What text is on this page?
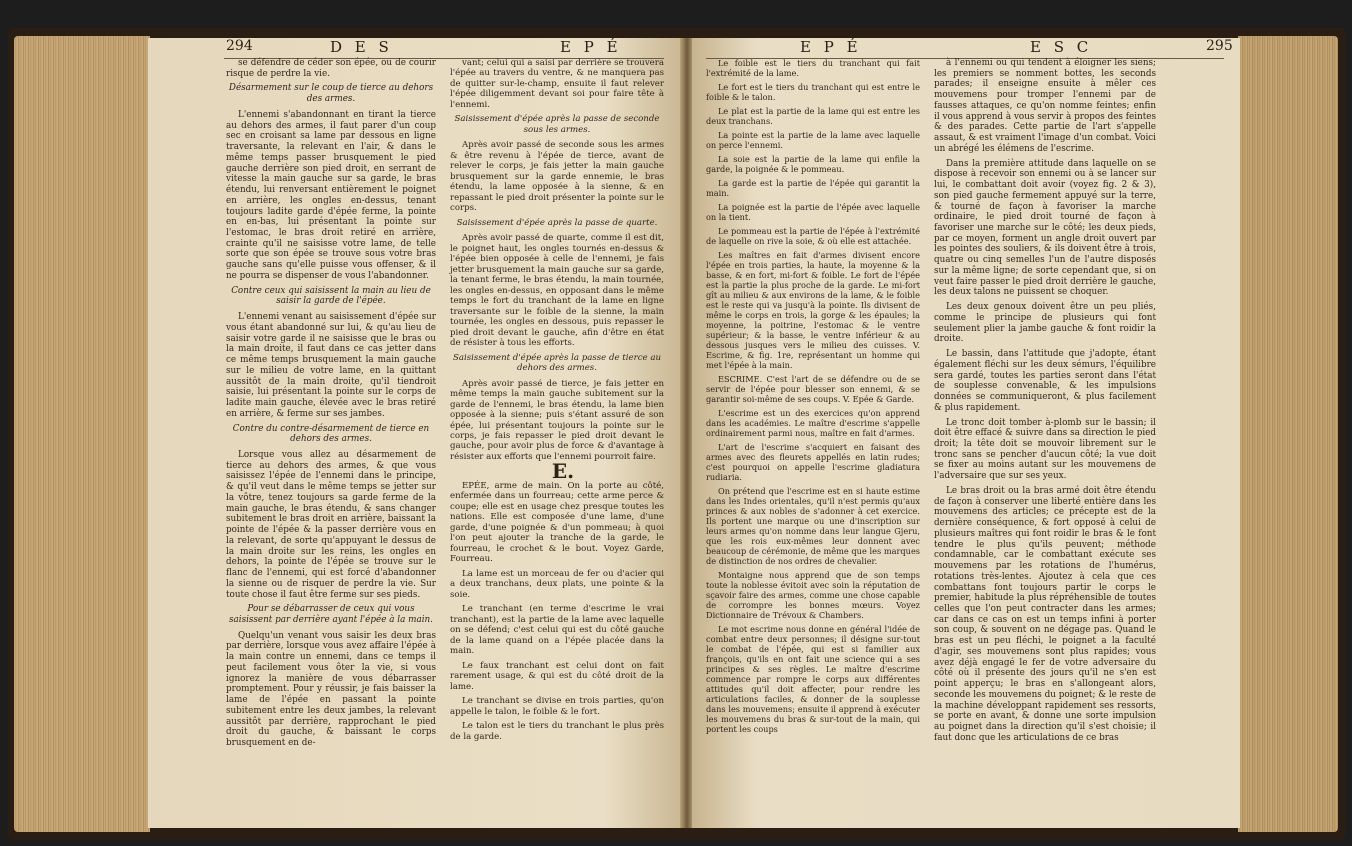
294	D E S	E P É

se défendre de céder son épée, ou de courir risque de perdre la vie.

Désarmement sur le coup de tierce au dehors des armes.

L'ennemi s'abandonnant en tirant la tierce au dehors des armes, il faut parer d'un coup sec en croisant sa lame par dessous en ligne traversante, la relevant en l'air, & dans le même temps passer brusquement le pied gauche derrière son pied droit, en serrant de vitesse la main gauche sur sa garde, le bras étendu, lui renversant entièrement le poignet en arrière, les ongles en-dessus, tenant toujours ladite garde d'épée ferme, la pointe en en-bas, lui présentant la pointe sur l'estomac, le bras droit retiré en arrière, crainte qu'il ne saisisse votre lame, de telle sorte que son épée se trouve sous votre bras gauche sans qu'elle puisse vous offenser, & il ne pourra se dispenser de vous l'abandonner.

Contre ceux qui saisissent la main au lieu de saisir la garde de l'épée.

L'ennemi venant au saisissement d'épée sur vous étant abandonné sur lui, & qu'au lieu de saisir votre garde il ne saisisse que le bras ou la main droite, il faut dans ce cas jetter dans ce même temps brusquement la main gauche sur le milieu de votre lame, en la quittant aussitôt de la main droite, qu'il tiendroit saisie, lui présentant la pointe sur le corps de ladite main gauche, élevée avec le bras retiré en arrière, & ferme sur ses jambes.

Contre du contre-désarmement de tierce en dehors des armes.

Lorsque vous allez au désarmement de tierce au dehors des armes, & que vous saisissez l'épée de l'ennemi dans le principe, & qu'il veut dans le même temps se jetter sur la vôtre, tenez toujours sa garde ferme de la main gauche, le bras étendu, & sans changer subitement le bras droit en arrière, baissant la pointe de l'épée & la passer derrière vous en la relevant, de sorte qu'appuyant le dessus de la main droite sur les reins, les ongles en dehors, la pointe de l'épée se trouve sur le flanc de l'ennemi, qui est forcé d'abandonner la sienne ou de risquer de perdre la vie. Sur toute chose il faut être ferme sur ses pieds.

Pour se débarrasser de ceux qui vous saisissent par derrière ayant l'épée à la main.

Quelqu'un venant vous saisir les deux bras par derrière, lorsque vous avez affaire l'épée à la main contre un ennemi, dans ce temps il peut facilement vous ôter la vie, si vous ignorez la manière de vous débarrasser promptement. Pour y réussir, je fais baisser la lame de l'épée en passant la pointe subitement entre les deux jambes, la relevant aussitôt par derrière, rapprochant le pied droit du gauche, & baissant le corps brusquement en de-

vant; celui qui a saisi par derrière se trouvera l'épée au travers du ventre, & ne manquera pas de quitter sur-le-champ, ensuite il faut relever l'épée diligemment devant soi pour faire tête à l'ennemi.

Saisissement d'épée après la passe de seconde sous les armes.

Après avoir passé de seconde sous les armes & être revenu à l'épée de tierce, avant de relever le corps, je fais jetter la main gauche brusquement sur la garde ennemie, le bras étendu, la lame opposée à la sienne, & en repassant le pied droit présenter la pointe sur le corps.

Saisissement d'épée après la passe de quarte.

Après avoir passé de quarte, comme il est dit, le poignet haut, les ongles tournés en-dessus & l'épée bien opposée à celle de l'ennemi, je fais jetter brusquement la main gauche sur sa garde, la tenant ferme, le bras étendu, la main tournée, les ongles en-dessus, en opposant dans le même temps le fort du tranchant de la lame en ligne traversante sur le foible de la sienne, la main tournée, les ongles en dessous, puis repasser le pied droit devant le gauche, afin d'être en état de résister à tous les efforts.

Saisissement d'épée après la passe de tierce au dehors des armes.

Après avoir passé de tierce, je fais jetter en même temps la main gauche subitement sur la garde de l'ennemi, le bras étendu, la lame bien opposée à la sienne; puis s'étant assuré de son épée, lui présentant toujours la pointe sur le corps, je fais repasser le pied droit devant le gauche, pour avoir plus de force & d'avantage à résister aux efforts que l'ennemi pourroit faire.

E.

EPÉE, arme de main. On la porte au côté, enfermée dans un fourreau; cette arme perce & coupe; elle est en usage chez presque toutes les nations. Elle est composée d'une lame, d'une garde, d'une poignée & d'un pommeau; à quoi l'on peut ajouter la tranche de la garde, le fourreau, le crochet & le bout. Voyez Garde, Fourreau.

La lame est un morceau de fer ou d'acier qui a deux tranchans, deux plats, une pointe & la soie.

Le tranchant (en terme d'escrime le vrai tranchant), est la partie de la lame avec laquelle on se défend; c'est celui qui est du côté gauche de la lame quand on a l'épée placée dans la main.

Le faux tranchant est celui dont on fait rarement usage, & qui est du côté droit de la lame.

Le tranchant se divise en trois parties, qu'on appelle le talon, le foible & le fort.

Le talon est le tiers du tranchant le plus près de la garde.

E P É	E S C	295

Le foible est le tiers du tranchant qui fait l'extrémité de la lame.

Le fort est le tiers du tranchant qui est entre le foible & le talon.

Le plat est la partie de la lame qui est entre les deux tranchans.

La pointe est la partie de la lame avec laquelle on perce l'ennemi.

La soie est la partie de la lame qui enfile la garde, la poignée & le pommeau.

La garde est la partie de l'épée qui garantit la main.

La poignée est la partie de l'épée avec laquelle on la tient.

Le pommeau est la partie de l'épée à l'extrémité de laquelle on rive la soie, & où elle est attachée.

Les maîtres en fait d'armes divisent encore l'épée en trois parties, la haute, la moyenne & la basse, & en fort, mi-fort & foible. Le fort de l'épée est la partie la plus proche de la garde. Le mi-fort gît au milieu & aux environs de la lame, & le foible est le reste qui va jusqu'à la pointe. Ils divisent de même le corps en trois, la gorge & les épaules; la moyenne, la poitrine, l'estomac & le ventre supérieur; & la basse, le ventre inférieur & au dessous jusques vers le milieu des cuisses. V. Escrime, & fig. 1re, représentant un homme qui met l'épée à la main.

ESCRIME. C'est l'art de se défendre ou de se servir de l'épée pour blesser son ennemi, & se garantir soi-même de ses coups. V. Epée & Garde.

L'escrime est un des exercices qu'on apprend dans les académies. Le maître d'escrime s'appelle ordinairement parmi nous, maître en fait d'armes.

L'art de l'escrime s'acquiert en faisant des armes avec des fleurets appellés en latin rudes; c'est pourquoi on appelle l'escrime gladiatura rudiaria.

On prétend que l'escrime est en si haute estime dans les Indes orientales, qu'il n'est permis qu'aux princes & aux nobles de s'adonner à cet exercice. Ils portent une marque ou une d'inscription sur leurs armes qu'on nomme dans leur langue Gjeru, que les rois eux-mêmes leur donnent avec beaucoup de cérémonie, de même que les marques de distinction de nos ordres de chevalier.

Montaigne nous apprend que de son temps toute la noblesse évitoit avec soin la réputation de sçavoir faire des armes, comme une chose capable de corrompre les bonnes mœurs. Voyez Dictionnaire de Trévoux & Chambers.

Le mot escrime nous donne en général l'idée de combat entre deux personnes; il désigne sur-tout le combat de l'épée, qui est si familier aux françois, qu'ils en ont fait une science qui a ses principes & ses règles. Le maître d'escrime commence par rompre le corps aux différentes attitudes qu'il doit affecter, pour rendre les articulations faciles, & donner de la souplesse dans les mouvemens; ensuite il apprend à exécuter les mouvemens du bras & sur-tout de la main, qui portent les coups

à l'ennemi ou qui tendent à éloigner les siens; les premiers se nomment bottes, les seconds parades; il enseigne ensuite à mêler ces mouvemens pour tromper l'ennemi par de fausses attaques, ce qu'on nomme feintes; enfin il vous apprend à vous servir à propos des feintes & des parades. Cette partie de l'art s'appelle assaut, & est vraiment l'image d'un combat. Voici un abrégé les élémens de l'escrime.

Dans la première attitude dans laquelle on se dispose à recevoir son ennemi ou à se lancer sur lui, le combattant doit avoir (voyez fig. 2 & 3), son pied gauche fermement appuyé sur la terre, & tourné de façon à favoriser la marche ordinaire, le pied droit tourné de façon à favoriser une marche sur le côté; les deux pieds, par ce moyen, forment un angle droit ouvert par les pointes des souliers, & ils doivent être à trois, quatre ou cinq semelles l'un de l'autre disposés sur la même ligne; de sorte cependant que, si on veut faire passer le pied droit derrière le gauche, les deux talons ne puissent se choquer.

Les deux genoux doivent être un peu pliés, comme le principe de plusieurs qui font seulement plier la jambe gauche & font roidir la droite.

Le bassin, dans l'attitude que j'adopte, étant également fléchi sur les deux sémurs, l'équilibre sera gardé, toutes les parties seront dans l'état de souplesse convenable, & les impulsions données se communiqueront, & plus facilement & plus rapidement.

Le tronc doit tomber à-plomb sur le bassin; il doit être effacé & suivre dans sa direction le pied droit; la tête doit se mouvoir librement sur le tronc sans se pencher d'aucun côté; la vue doit se fixer au moins autant sur les mouvemens de l'adversaire que sur ses yeux.

Le bras droit ou la bras armé doit être étendu de façon à conserver une liberté entière dans les mouvemens des articles; ce précepte est de la dernière conséquence, & fort opposé à celui de plusieurs maîtres qui font roidir le bras & le font tendre le plus qu'ils peuvent; méthode condamnable, car le combattant exécute ses mouvemens par les rotations de l'humérus, rotations très-lentes. Ajoutez à cela que ces combattans font toujours partir le corps le premier, habitude la plus répréhensible de toutes celles que l'on peut contracter dans les armes; car dans ce cas on est un temps infini à porter son coup, & souvent on ne dégage pas. Quand le bras est un peu fléchi, le poignet a la faculté d'agir, ses mouvemens sont plus rapides; vous avez déjà engagé le fer de votre adversaire du côté où il présente des jours qu'il ne s'en est point apperçu; le bras en s'allongeant alors, seconde les mouvemens du poignet; & le reste de la machine développant rapidement ses ressorts, se porte en avant, & donne une sorte impulsion au poignet dans la direction qu'il s'est choisie; il faut donc que les articulations de ce bras
